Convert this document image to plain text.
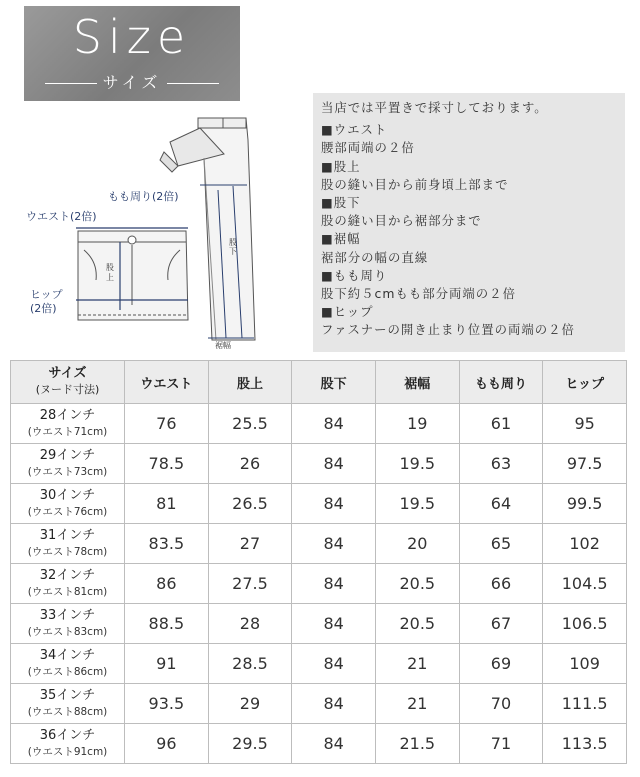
Size
サイズ
股
下
裾幅
もも周り(2倍)
ウエスト(2倍)
ヒップ
(2倍)
股
上
当店では平置きで採寸しております。
■ウエスト
腰部両端の２倍
■股上
股の縫い目から前身頃上部まで
■股下
股の縫い目から裾部分まで
■裾幅
裾部分の幅の直線
■もも周り
股下約５cmもも部分両端の２倍
■ヒップ
ファスナーの開き止まり位置の両端の２倍
サイズ
(ヌード寸法)	ウエスト	股上	股下	裾幅	もも周り	ヒップ

28インチ
(ウエスト71cm)	76	25.5	84	19	61	95

29インチ
(ウエスト73cm)	78.5	26	84	19.5	63	97.5

30インチ
(ウエスト76cm)	81	26.5	84	19.5	64	99.5

31インチ
(ウエスト78cm)	83.5	27	84	20	65	102

32インチ
(ウエスト81cm)	86	27.5	84	20.5	66	104.5

33インチ
(ウエスト83cm)	88.5	28	84	20.5	67	106.5

34インチ
(ウエスト86cm)	91	28.5	84	21	69	109

35インチ
(ウエスト88cm)	93.5	29	84	21	70	111.5

36インチ
(ウエスト91cm)	96	29.5	84	21.5	71	113.5
